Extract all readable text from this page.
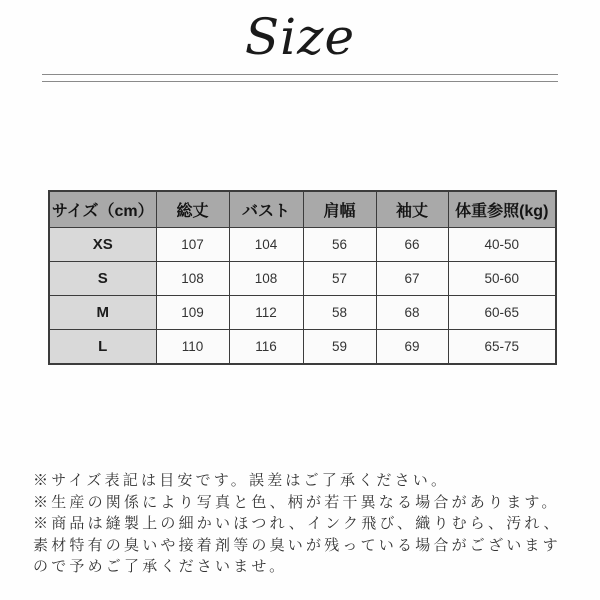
Size
サイズ（cm）	総丈	バスト	肩幅	袖丈	体重参照(kg)
XS	107	104	56	66	40-50
S	108	108	57	67	50-60
M	109	112	58	68	60-65
L	110	116	59	69	65-75
※サイズ表記は目安です。誤差はご了承ください。
※生産の関係により写真と色、柄が若干異なる場合があります。
※商品は縫製上の細かいほつれ、インク飛び、織りむら、汚れ、
素材特有の臭いや接着剤等の臭いが残っている場合がございます
ので予めご了承くださいませ。
